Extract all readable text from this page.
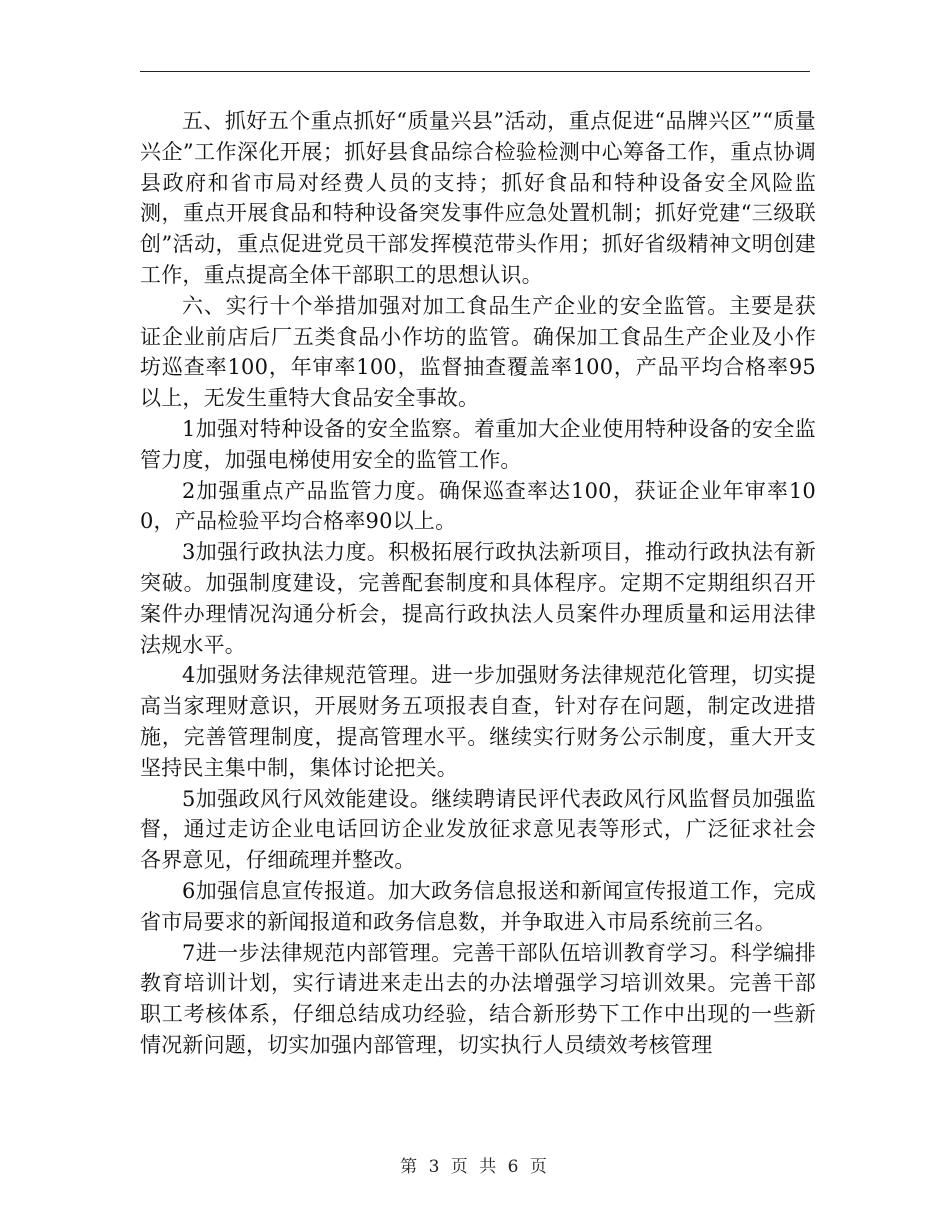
五、抓好五个重点抓好“质量兴县”活动，重点促进“品牌兴区”“质量兴企”工作深化开展；抓好县食品综合检验检测中心筹备工作，重点协调县政府和省市局对经费人员的支持；抓好食品和特种设备安全风险监测，重点开展食品和特种设备突发事件应急处置机制；抓好党建“三级联创”活动，重点促进党员干部发挥模范带头作用；抓好省级精神文明创建工作，重点提高全体干部职工的思想认识。

六、实行十个举措加强对加工食品生产企业的安全监管。主要是获证企业前店后厂五类食品小作坊的监管。确保加工食品生产企业及小作坊巡查率100，年审率100，监督抽查覆盖率100，产品平均合格率95以上，无发生重特大食品安全事故。

1加强对特种设备的安全监察。着重加大企业使用特种设备的安全监管力度，加强电梯使用安全的监管工作。

2加强重点产品监管力度。确保巡查率达100，获证企业年审率100，产品检验平均合格率90以上。

3加强行政执法力度。积极拓展行政执法新项目，推动行政执法有新突破。加强制度建设，完善配套制度和具体程序。定期不定期组织召开案件办理情况沟通分析会，提高行政执法人员案件办理质量和运用法律法规水平。

4加强财务法律规范管理。进一步加强财务法律规范化管理，切实提高当家理财意识，开展财务五项报表自查，针对存在问题，制定改进措施，完善管理制度，提高管理水平。继续实行财务公示制度，重大开支坚持民主集中制，集体讨论把关。

5加强政风行风效能建设。继续聘请民评代表政风行风监督员加强监督，通过走访企业电话回访企业发放征求意见表等形式，广泛征求社会各界意见，仔细疏理并整改。

6加强信息宣传报道。加大政务信息报送和新闻宣传报道工作，完成省市局要求的新闻报道和政务信息数，并争取进入市局系统前三名。

7进一步法律规范内部管理。完善干部队伍培训教育学习。科学编排教育培训计划，实行请进来走出去的办法增强学习培训效果。完善干部职工考核体系，仔细总结成功经验，结合新形势下工作中出现的一些新情况新问题，切实加强内部管理，切实执行人员绩效考核管理

第 3 页 共 6 页
